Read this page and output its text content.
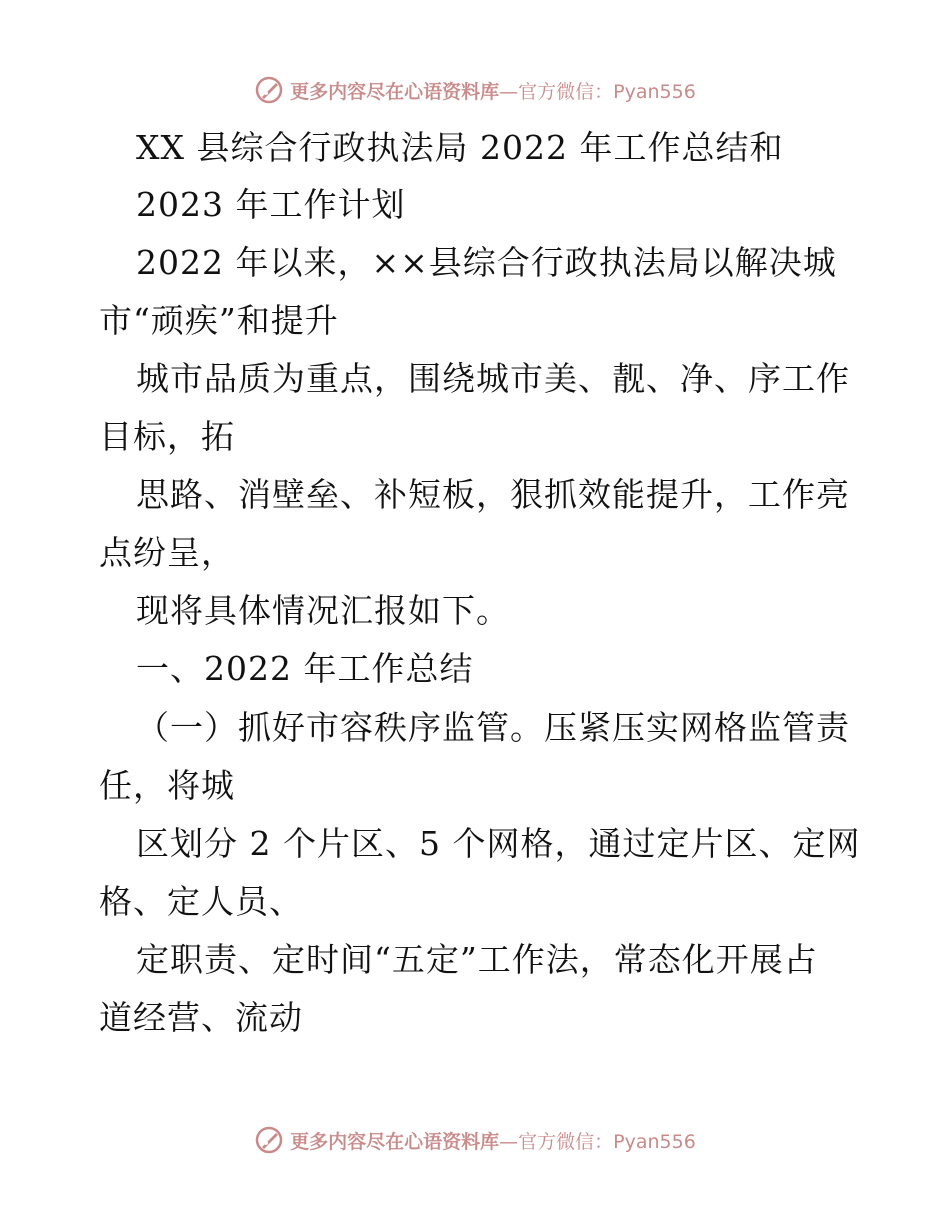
更多内容尽在心语资料库 —官方微信：Pyan556
XX 县综合行政执法局 2022 年工作总结和
2023 年工作计划
2022 年以来，××县综合行政执法局以解决城
市“顽疾”和提升
城市品质为重点，围绕城市美、靓、净、序工作
目标，拓
思路、消壁垒、补短板，狠抓效能提升，工作亮
点纷呈，
现将具体情况汇报如下。
一、2022 年工作总结
（一）抓好市容秩序监管。压紧压实网格监管责
任，将城
区划分 2 个片区、5 个网格，通过定片区、定网
格、定人员、
定职责、定时间“五定”工作法，常态化开展占
道经营、流动
更多内容尽在心语资料库 —官方微信：Pyan556
